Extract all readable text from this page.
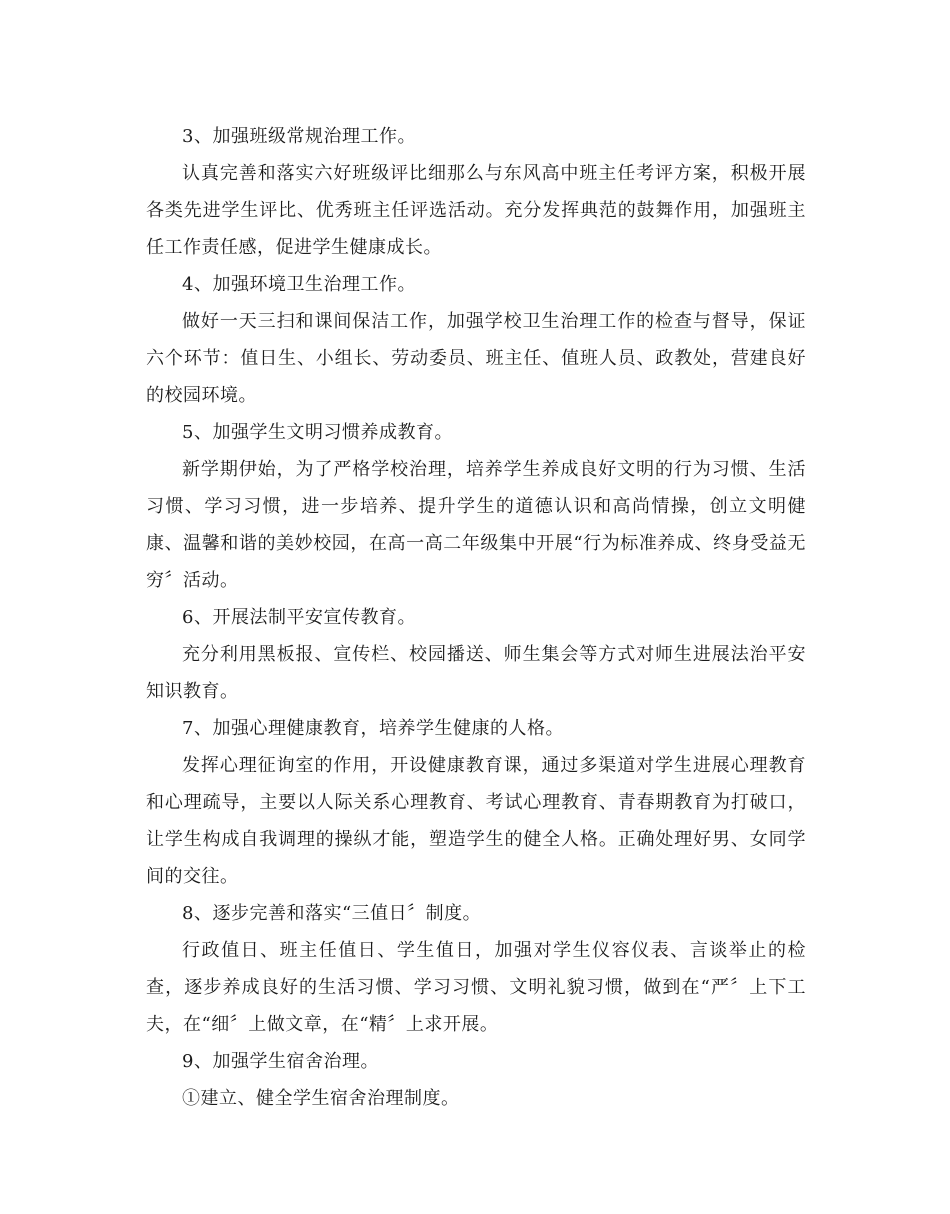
3、加强班级常规治理工作。

认真完善和落实六好班级评比细那么与东风高中班主任考评方案，积极开展各类先进学生评比、优秀班主任评选活动。充分发挥典范的鼓舞作用，加强班主任工作责任感，促进学生健康成长。

4、加强环境卫生治理工作。

做好一天三扫和课间保洁工作，加强学校卫生治理工作的检查与督导，保证六个环节：值日生、小组长、劳动委员、班主任、值班人员、政教处，营建良好的校园环境。

5、加强学生文明习惯养成教育。

新学期伊始，为了严格学校治理，培养学生养成良好文明的行为习惯、生活习惯、学习习惯，进一步培养、提升学生的道德认识和高尚情操，创立文明健康、温馨和谐的美妙校园，在高一高二年级集中开展“行为标准养成、终身受益无穷〞活动。

6、开展法制平安宣传教育。

充分利用黑板报、宣传栏、校园播送、师生集会等方式对师生进展法治平安知识教育。

7、加强心理健康教育，培养学生健康的人格。

发挥心理征询室的作用，开设健康教育课，通过多渠道对学生进展心理教育和心理疏导，主要以人际关系心理教育、考试心理教育、青春期教育为打破口，让学生构成自我调理的操纵才能，塑造学生的健全人格。正确处理好男、女同学间的交往。

8、逐步完善和落实“三值日〞制度。

行政值日、班主任值日、学生值日，加强对学生仪容仪表、言谈举止的检查，逐步养成良好的生活习惯、学习习惯、文明礼貌习惯，做到在“严〞上下工夫，在“细〞上做文章，在“精〞上求开展。

9、加强学生宿舍治理。

①建立、健全学生宿舍治理制度。
